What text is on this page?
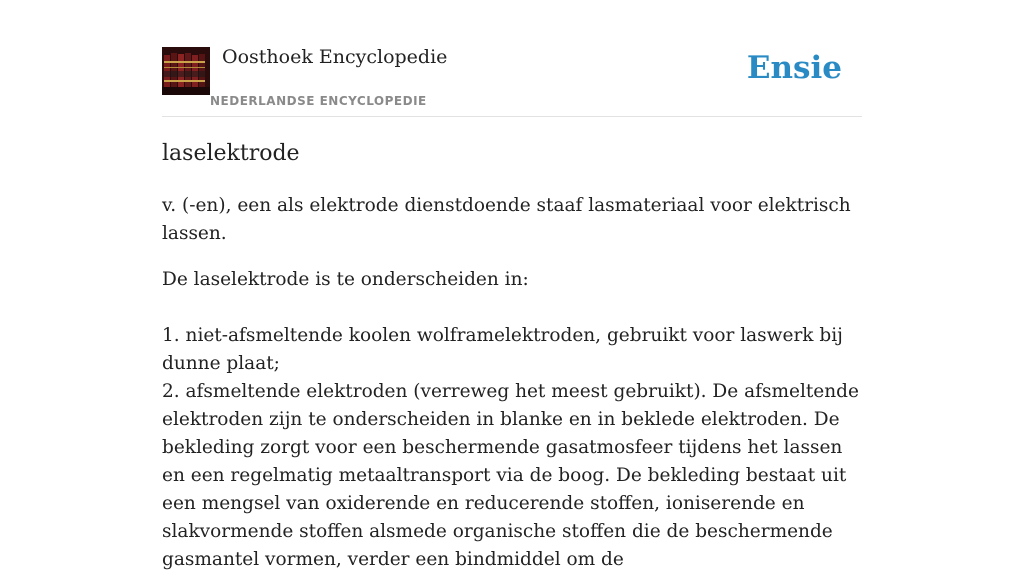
Oosthoek Encyclopedie
NEDERLANDSE ENCYCLOPEDIE
Ensie
laselektrode

v. (-en), een als elektrode dienstdoende staaf lasmateriaal voor elektrisch lassen.

De laselektrode is te onderscheiden in:

1. niet-afsmeltende koolen wolframelektroden, gebruikt voor laswerk bij dunne plaat;
2. afsmeltende elektroden (verreweg het meest gebruikt). De afsmeltende elektroden zijn te onderscheiden in blanke en in beklede elektroden. De bekleding zorgt voor een beschermende gasatmosfeer tijdens het lassen en een regelmatig metaaltransport via de boog. De bekleding bestaat uit een mengsel van oxiderende en reducerende stoffen, ioniserende en slakvormende stoffen alsmede organische stoffen die de beschermende gasmantel vormen, verder een bindmiddel om de
